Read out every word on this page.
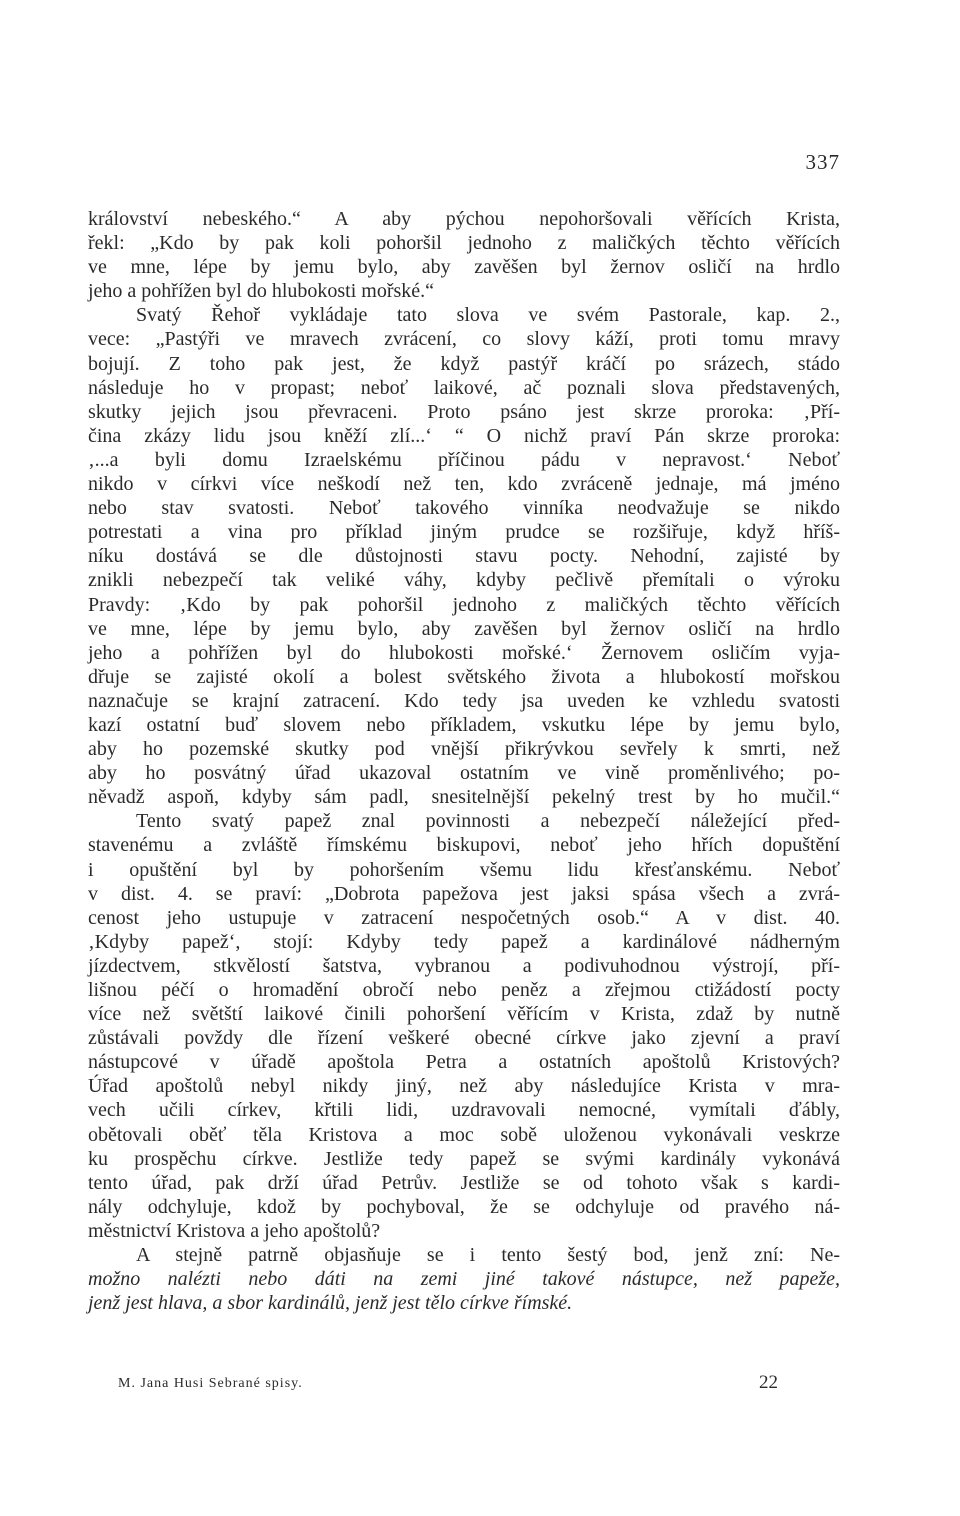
337
království nebeského.“ A aby pýchou nepohoršovali věřících Krista,
řekl: „Kdo by pak koli pohoršil jednoho z maličkých těchto věřících
ve mne, lépe by jemu bylo, aby zavěšen byl žernov osličí na hrdlo
jeho a pohřížen byl do hlubokosti mořské.“
Svatý Řehoř vykládaje tato slova ve svém Pastorale, kap. 2.,
vece: „Pastýři ve mravech zvrácení, co slovy káží, proti tomu mravy
bojují. Z toho pak jest, že když pastýř kráčí po srázech, stádo
následuje ho v propast; neboť laikové, ač poznali slova představených,
skutky jejich jsou převraceni. Proto psáno jest skrze proroka: ‚Pří-
čina zkázy lidu jsou kněží zlí...‘ “ O nichž praví Pán skrze proroka:
‚...a byli domu Izraelskému příčinou pádu v nepravost.‘ Neboť
nikdo v církvi více neškodí než ten, kdo zvráceně jednaje, má jméno
nebo stav svatosti. Neboť takového vinníka neodvažuje se nikdo
potrestati a vina pro příklad jiným prudce se rozšiřuje, když hříš-
níku dostává se dle důstojnosti stavu pocty. Nehodní, zajisté by
znikli nebezpečí tak veliké váhy, kdyby pečlivě přemítali o výroku
Pravdy: ‚Kdo by pak pohoršil jednoho z maličkých těchto věřících
ve mne, lépe by jemu bylo, aby zavěšen byl žernov osličí na hrdlo
jeho a pohřížen byl do hlubokosti mořské.‘ Žernovem osličím vyja-
dřuje se zajisté okolí a bolest světského života a hlubokostí mořskou
naznačuje se krajní zatracení. Kdo tedy jsa uveden ke vzhledu svatosti
kazí ostatní buď slovem nebo příkladem, vskutku lépe by jemu bylo,
aby ho pozemské skutky pod vnější přikrývkou sevřely k smrti, než
aby ho posvátný úřad ukazoval ostatním ve vině proměnlivého; po-
něvadž aspoň, kdyby sám padl, snesitelnější pekelný trest by ho mučil.“
Tento svatý papež znal povinnosti a nebezpečí náležející před-
stavenému a zvláště římskému biskupovi, neboť jeho hřích dopuštění
i opuštění byl by pohoršením všemu lidu křesťanskému. Neboť
v dist. 4. se praví: „Dobrota papežova jest jaksi spása všech a zvrá-
cenost jeho ustupuje v zatracení nespočetných osob.“ A v dist. 40.
‚Kdyby papež‘, stojí: Kdyby tedy papež a kardinálové nádherným
jízdectvem, stkvělostí šatstva, vybranou a podivuhodnou výstrojí, pří-
lišnou péčí o hromadění obročí nebo peněz a zřejmou ctižádostí pocty
více než světští laikové činili pohoršení věřícím v Krista, zdaž by nutně
zůstávali povždy dle řízení veškeré obecné církve jako zjevní a praví
nástupcové v úřadě apoštola Petra a ostatních apoštolů Kristových?
Úřad apoštolů nebyl nikdy jiný, než aby následujíce Krista v mra-
vech učili církev, křtili lidi, uzdravovali nemocné, vymítali ďábly,
obětovali oběť těla Kristova a moc sobě uloženou vykonávali veskrze
ku prospěchu církve. Jestliže tedy papež se svými kardinály vykonává
tento úřad, pak drží úřad Petrův. Jestliže se od tohoto však s kardi-
nály odchyluje, kdož by pochyboval, že se odchyluje od pravého ná-
městnictví Kristova a jeho apoštolů?
A stejně patrně objasňuje se i tento šestý bod, jenž zní: Ne-
možno nalézti nebo dáti na zemi jiné takové nástupce, než papeže,
jenž jest hlava, a sbor kardinálů, jenž jest tělo církve římské.
M. Jana Husi Sebrané spisy.	22
